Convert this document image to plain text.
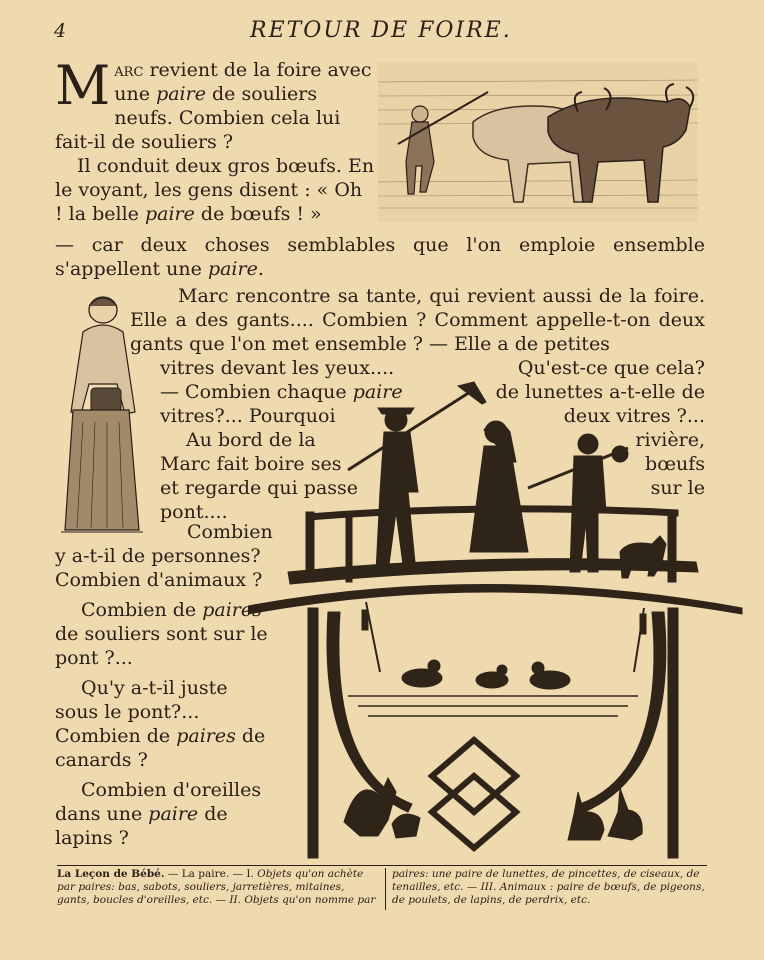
4	RETOUR DE FOIRE.
Marc revient de la foire avec une paire de souliers neufs. Combien cela lui fait-il de souliers ?
Il conduit deux gros bœufs. En le voyant, les gens disent : « Oh ! la belle paire de bœufs ! »
— car deux choses semblables que l'on emploie ensemble s'appellent une paire.
Marc rencontre sa tante, qui revient aussi de la foire. Elle a des gants.... Combien ? Comment appelle-t-on deux gants que l'on met ensemble ? — Elle a de petites
vitres devant les yeux....
— Combien chaque paire
vitres?... Pourquoi
Au bord de la
Marc fait boire ses
et regarde qui passe
pont....
Qu'est-ce que cela?
de lunettes a-t-elle de
deux vitres ?...
rivière,
bœufs
sur le
Combien
y a-t-il de personnes?
Combien d'animaux ?
Combien de paires de souliers sont sur le pont ?...
Qu'y a-t-il juste sous le pont?... Combien de paires de canards ?
Combien d'oreilles dans une paire de lapins ?
La Leçon de Bébé. — La paire. — I. Objets qu'on achète par paires: bas, sabots, souliers, jarretières, mitaines, gants, boucles d'oreilles, etc. — II. Objets qu'on nomme par
paires: une paire de lunettes, de pincettes, de ciseaux, de tenailles, etc. — III. Animaux : paire de bœufs, de pigeons, de poulets, de lapins, de perdrix, etc.
